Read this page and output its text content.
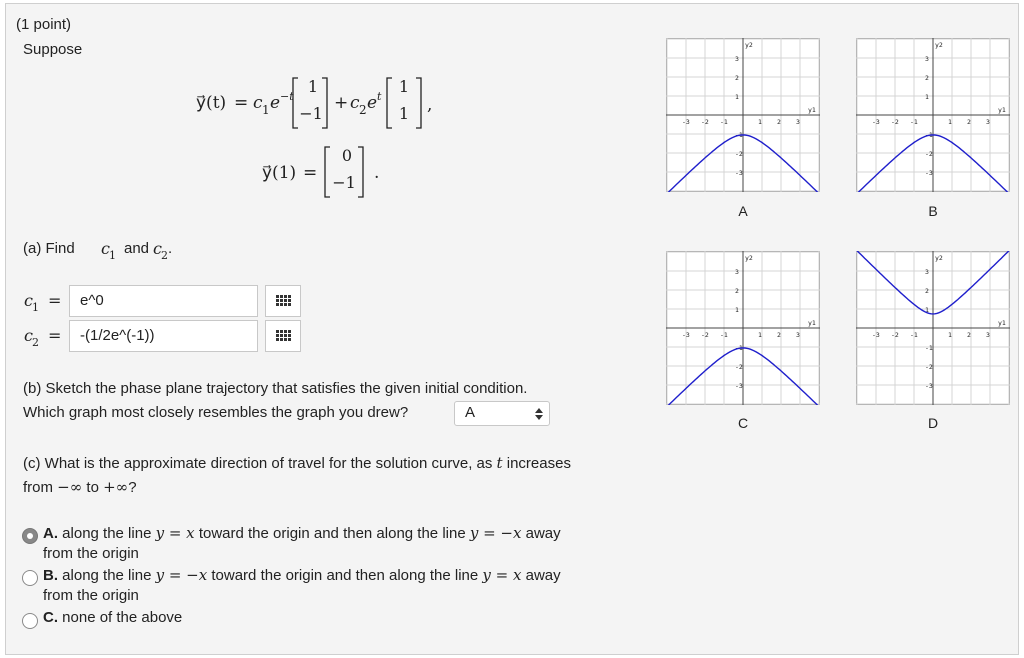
(1 point)
Suppose
y⃗(t) = c 1 e −t
1
−1
+ c 2 e t
1
1	,
y⃗(1) =
0
−1 .
(a) Find c 1 and c 2 .
c 1 =	e^0
c 2 =	-(1/2e^(-1))
(b) Sketch the phase plane trajectory that satisfies the given initial condition.
Which graph most closely resembles the graph you drew?	A
(c) What is the approximate direction of travel for the solution curve, as t increases
from −∞ to +∞?
A. along the line y = x toward the origin and then along the line y = −x away
from the origin
B. along the line y = −x toward the origin and then along the line y = x away
from the origin
C. none of the above
-3 -2 -1	1 2 3
3
2
1
-1
-2
-3
y2
y1
A
-3 -2 -1	1 2 3
3
2
1
-1
-2
-3
y2
y1
B
-3 -2 -1	1 2 3
3
2
1
-1
-2
-3
y2
y1
C
-3 -2 -1	1 2 3
3
2
1
-1
-2
-3
y2
y1
D
